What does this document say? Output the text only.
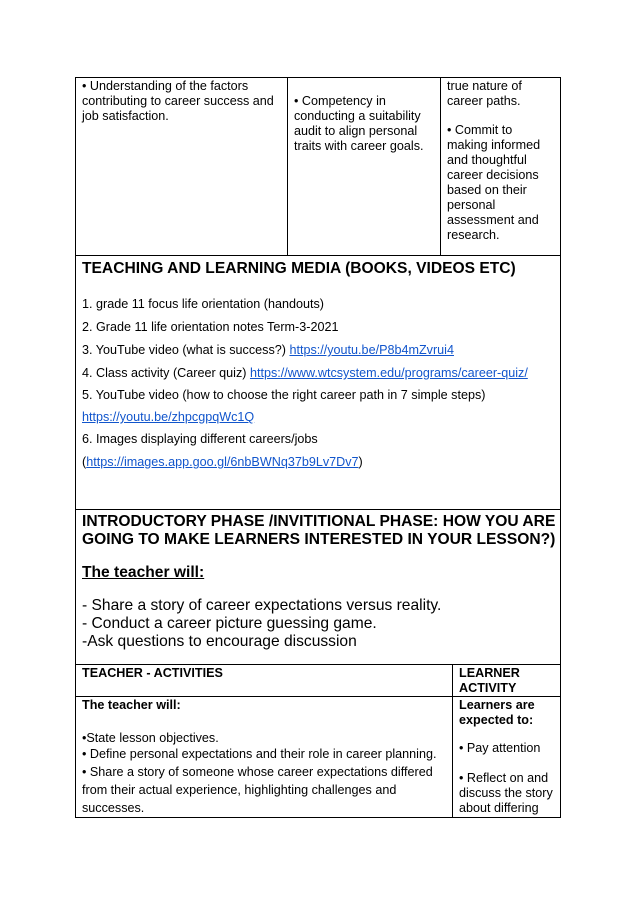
• Understanding of the factors
contributing to career success and
job satisfaction.
• Competency in
conducting a suitability
audit to align personal
traits with career goals.
true nature of
career paths.
• Commit to
making informed
and thoughtful
career decisions
based on their
personal
assessment and
research.
TEACHING AND LEARNING MEDIA (BOOKS, VIDEOS ETC)
1. grade 11 focus life orientation (handouts)
2. Grade 11 life orientation notes Term-3-2021
3. YouTube video (what is success?) https://youtu.be/P8b4mZvrui4
4. Class activity (Career quiz) https://www.wtcsystem.edu/programs/career-quiz/
5. YouTube video (how to choose the right career path in 7 simple steps)
https://youtu.be/zhpcgpqWc1Q
6. Images displaying different careers/jobs
(https://images.app.goo.gl/6nbBWNq37b9Lv7Dv7)
INTRODUCTORY PHASE /INVITITIONAL PHASE: HOW YOU ARE
GOING TO MAKE LEARNERS INTERESTED IN YOUR LESSON?)
The teacher will:
- Share a story of career expectations versus reality.
- Conduct a career picture guessing game.
-Ask questions to encourage discussion
TEACHER - ACTIVITIES	LEARNER
ACTIVITY
The teacher will:
•State lesson objectives.
• Define personal expectations and their role in career planning.
• Share a story of someone whose career expectations differed
from their actual experience, highlighting challenges and
successes.
Learners are
expected to:
• Pay attention
• Reflect on and
discuss the story
about differing
